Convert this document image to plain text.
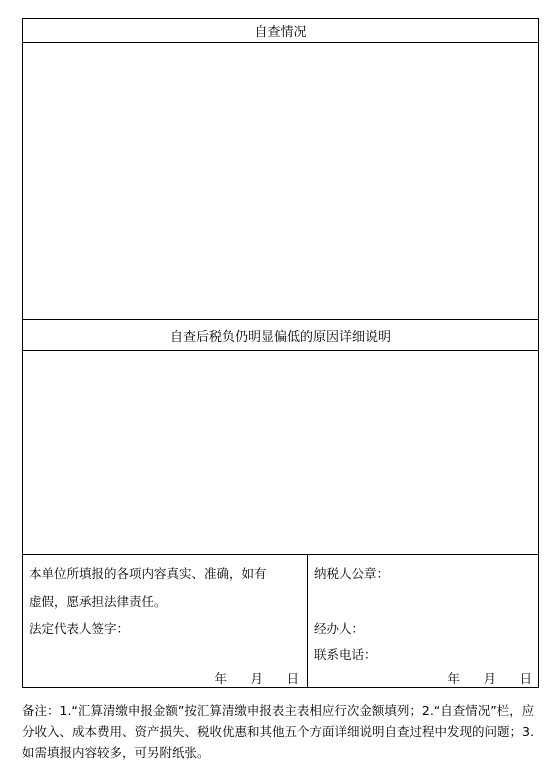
自查情况
自查后税负仍明显偏低的原因详细说明
本单位所填报的各项内容真实、准确，如有
虚假，愿承担法律责任。
法定代表人签字：
年 月 日
纳税人公章：
经办人：
联系电话：
年 月 日
备注：1.“汇算清缴申报金额”按汇算清缴申报表主表相应行次金额填列；2.“自查情况”栏，应分收入、成本费用、资产损失、税收优惠和其他五个方面详细说明自查过程中发现的问题；3.如需填报内容较多，可另附纸张。
